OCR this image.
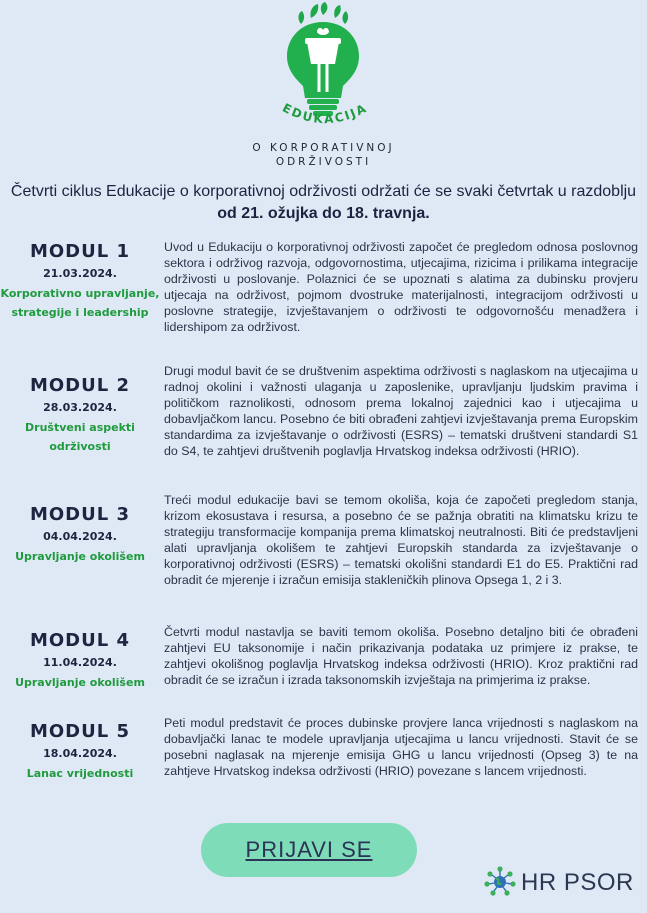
EDUKACIJA
O KORPORATIVNOJ
ODRŽIVOSTI
Četvrti ciklus Edukacije o korporativnoj održivosti održati će se svaki četvrtak u razdoblju od 21. ožujka do 18. travnja.
MODUL 1
21.03.2024.
Korporativno upravljanje,
strategije i leadership
Uvod u Edukaciju o korporativnoj održivosti započet će pregledom odnosa poslovnog sektora i održivog razvoja, odgovornostima, utjecajima, rizicima i prilikama integracije održivosti u poslovanje. Polaznici će se upoznati s alatima za dubinsku provjeru utjecaja na održivost, pojmom dvostruke materijalnosti, integracijom održivosti u poslovne strategije, izvještavanjem o održivosti te odgovornošću menadžera i lidershipom za održivost.
MODUL 2
28.03.2024.
Društveni aspekti
održivosti
Drugi modul bavit će se društvenim aspektima održivosti s naglaskom na utjecajima u radnoj okolini i važnosti ulaganja u zaposlenike, upravljanju ljudskim pravima i političkom raznolikosti, odnosom prema lokalnoj zajednici kao i utjecajima u dobavljačkom lancu. Posebno će biti obrađeni zahtjevi izvještavanja prema Europskim standardima za izvještavanje o održivosti (ESRS) – tematski društveni standardi S1 do S4, te zahtjevi društvenih poglavlja Hrvatskog indeksa održivosti (HRIO).
MODUL 3
04.04.2024.
Upravljanje okolišem
Treći modul edukacije bavi se temom okoliša, koja će započeti pregledom stanja, krizom ekosustava i resursa, a posebno će se pažnja obratiti na klimatsku krizu te strategiju transformacije kompanija prema klimatskoj neutralnosti. Biti će predstavljeni alati upravljanja okolišem te zahtjevi Europskih standarda za izvještavanje o korporativnoj održivosti (ESRS) – tematski okolišni standardi E1 do E5. Praktični rad obradit će mjerenje i izračun emisija stakleničkih plinova Opsega 1, 2 i 3.
MODUL 4
11.04.2024.
Upravljanje okolišem
Četvrti modul nastavlja se baviti temom okoliša. Posebno detaljno biti će obrađeni zahtjevi EU taksonomije i način prikazivanja podataka uz primjere iz prakse, te zahtjevi okolišnog poglavlja Hrvatskog indeksa održivosti (HRIO). Kroz praktični rad obradit će se izračun i izrada taksonomskih izvještaja na primjerima iz prakse.
MODUL 5
18.04.2024.
Lanac vrijednosti
Peti modul predstavit će proces dubinske provjere lanca vrijednosti s naglaskom na dobavljački lanac te modele upravljanja utjecajima u lancu vrijednosti. Stavit će se posebni naglasak na mjerenje emisija GHG u lancu vrijednosti (Opseg 3) te na zahtjeve Hrvatskog indeksa održivosti (HRIO) povezane s lancem vrijednosti.
PRIJAVI SE
HR PSOR
